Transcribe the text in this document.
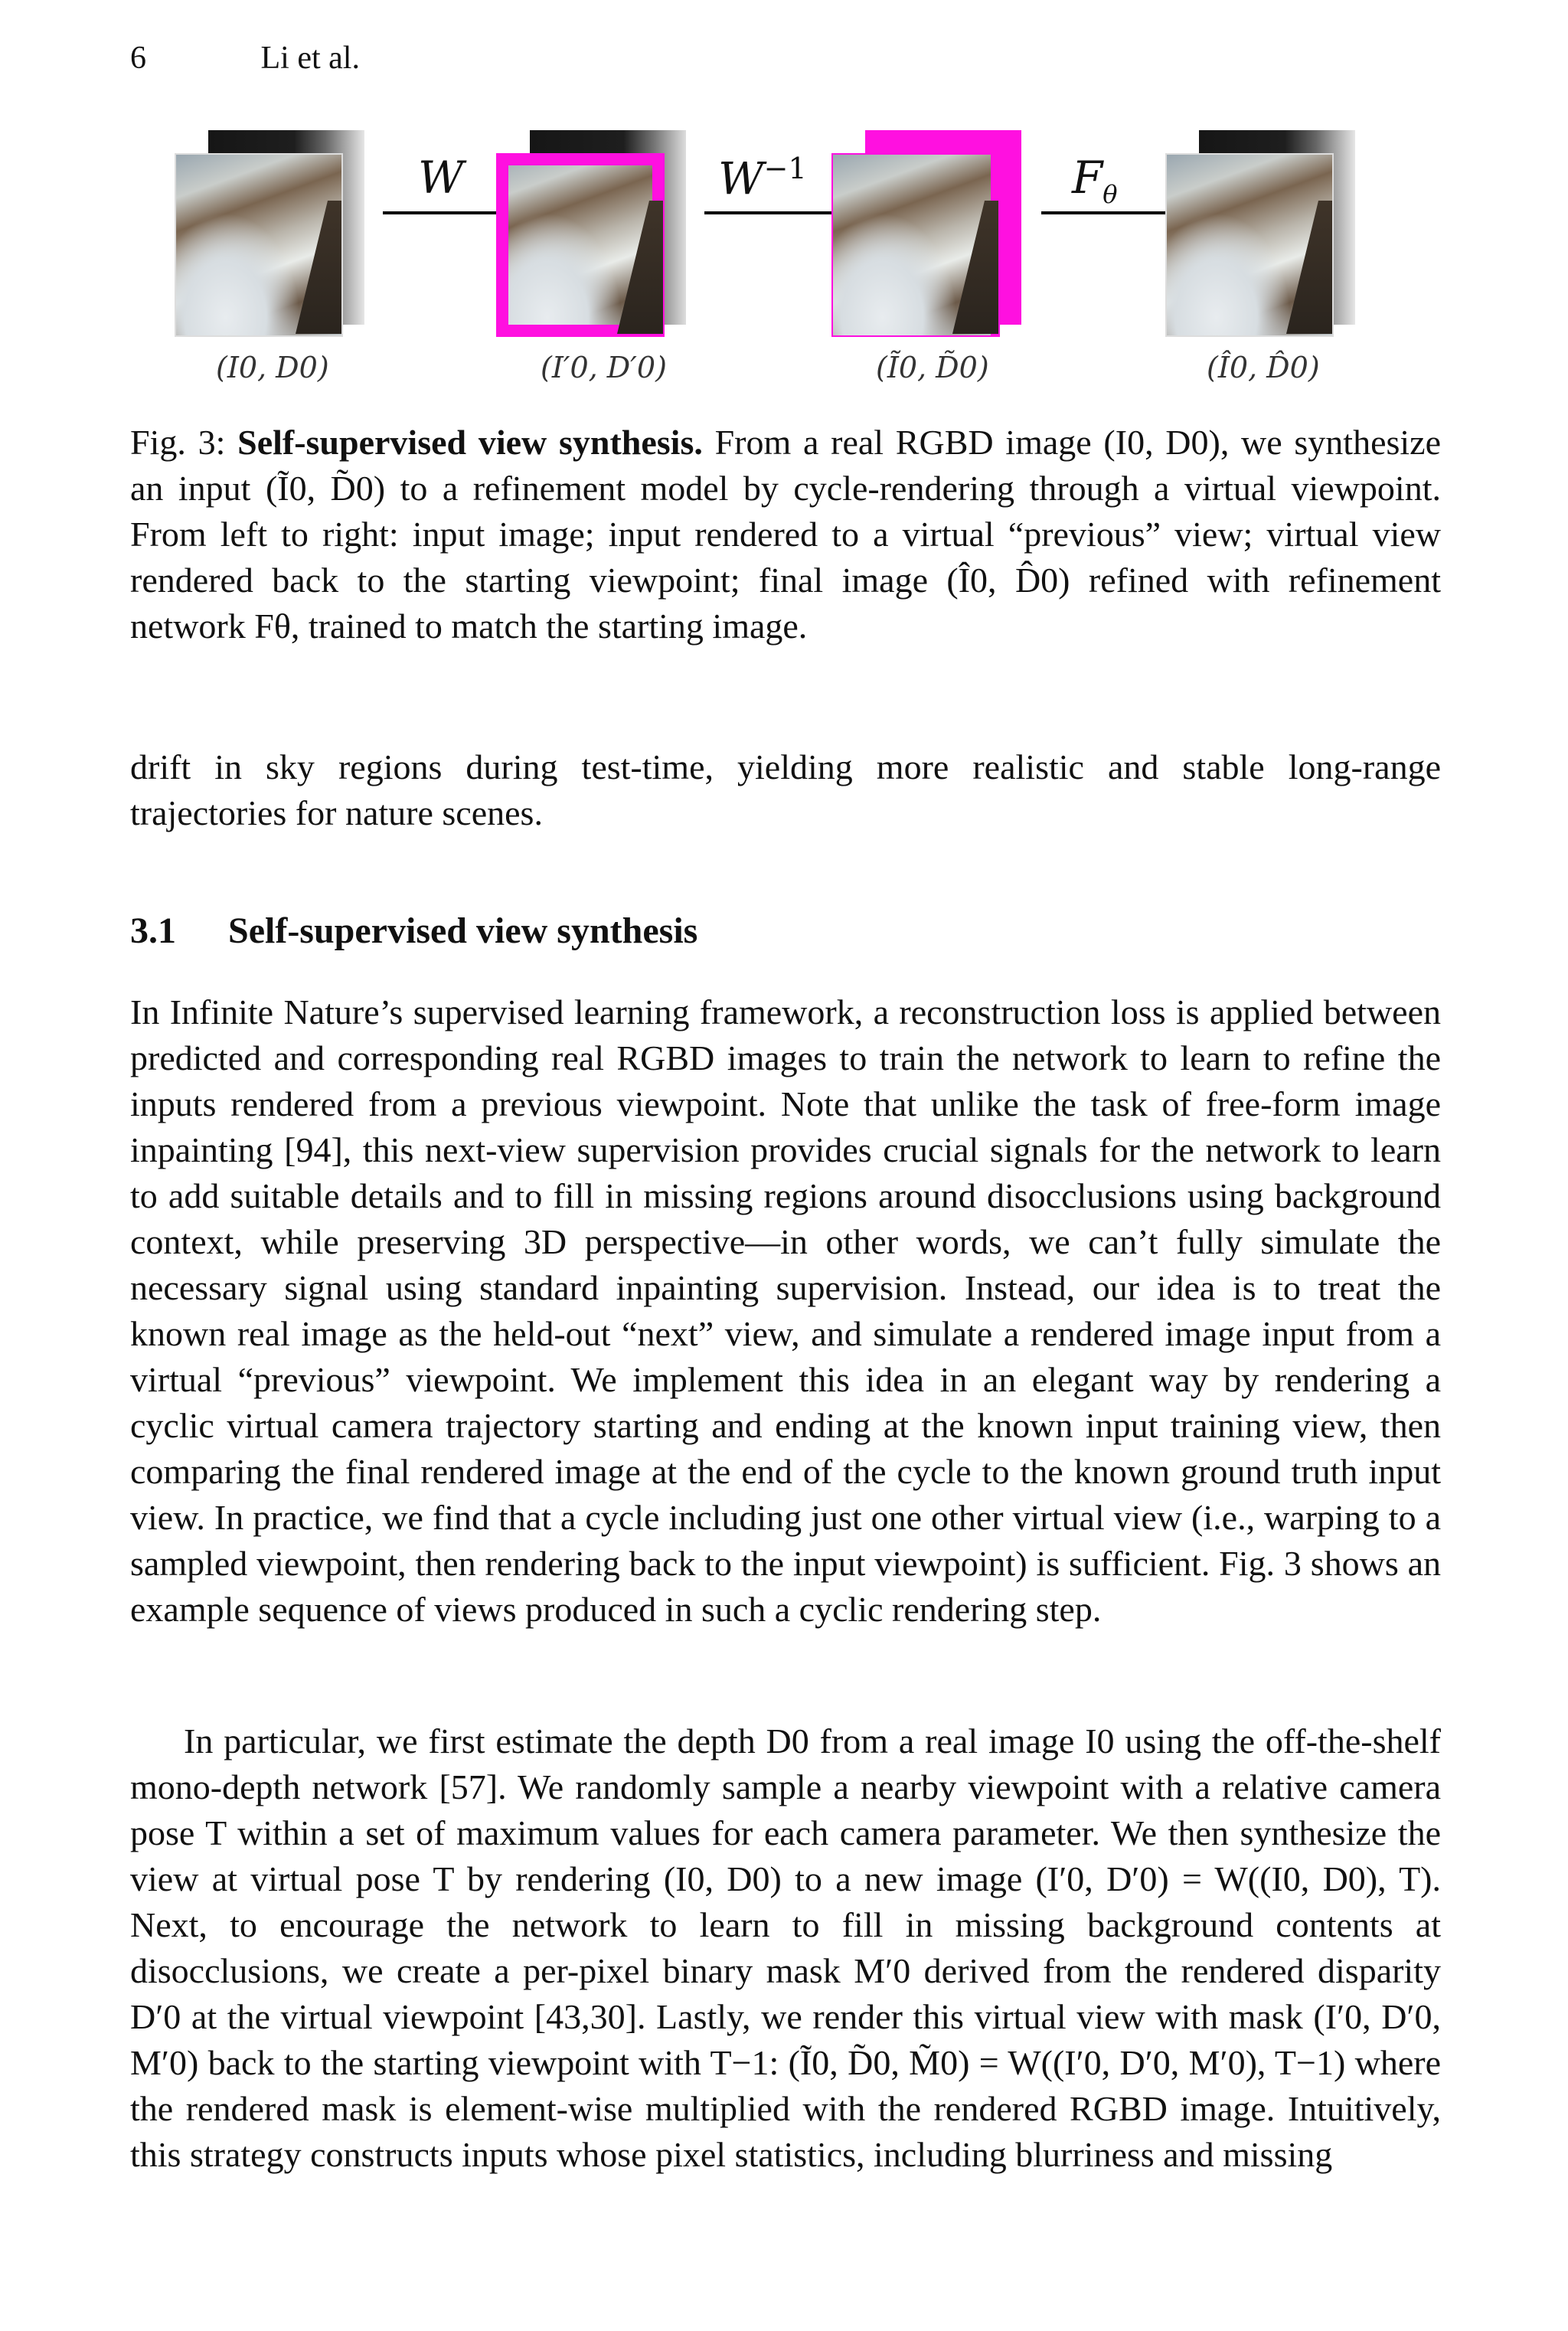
6	Li et al.
W	$W^{-1}$	$F_\theta$
(I0, D0)	(I′0, D′0)	(Ĩ0, D̃0)	(Î0, D̂0)
Fig. 3: Self-supervised view synthesis. From a real RGBD image (I0, D0), we synthesize an input (Ĩ0, D̃0) to a refinement model by cycle-rendering through a virtual viewpoint. From left to right: input image; input rendered to a virtual “previous” view; virtual view rendered back to the starting viewpoint; final image (Î0, D̂0) refined with refinement network Fθ, trained to match the starting image.
drift in sky regions during test-time, yielding more realistic and stable long-range trajectories for nature scenes.
3.1 Self-supervised view synthesis
In Infinite Nature’s supervised learning framework, a reconstruction loss is applied between predicted and corresponding real RGBD images to train the network to learn to refine the inputs rendered from a previous viewpoint. Note that unlike the task of free-form image inpainting [94], this next-view supervision provides crucial signals for the network to learn to add suitable details and to fill in missing regions around disocclusions using background context, while preserving 3D perspective—in other words, we can’t fully simulate the necessary signal using standard inpainting supervision. Instead, our idea is to treat the known real image as the held-out “next” view, and simulate a rendered image input from a virtual “previous” viewpoint. We implement this idea in an elegant way by rendering a cyclic virtual camera trajectory starting and ending at the known input training view, then comparing the final rendered image at the end of the cycle to the known ground truth input view. In practice, we find that a cycle including just one other virtual view (i.e., warping to a sampled viewpoint, then rendering back to the input viewpoint) is sufficient. Fig. 3 shows an example sequence of views produced in such a cyclic rendering step.
In particular, we first estimate the depth D0 from a real image I0 using the off-the-shelf mono-depth network [57]. We randomly sample a nearby viewpoint with a relative camera pose T within a set of maximum values for each camera parameter. We then synthesize the view at virtual pose T by rendering (I0, D0) to a new image (I′0, D′0) = W((I0, D0), T). Next, to encourage the network to learn to fill in missing background contents at disocclusions, we create a per-pixel binary mask M′0 derived from the rendered disparity D′0 at the virtual viewpoint [43,30]. Lastly, we render this virtual view with mask (I′0, D′0, M′0) back to the starting viewpoint with T−1: (Ĩ0, D̃0, M̃0) = W((I′0, D′0, M′0), T−1) where the rendered mask is element-wise multiplied with the rendered RGBD image. Intuitively, this strategy constructs inputs whose pixel statistics, including blurriness and missing
